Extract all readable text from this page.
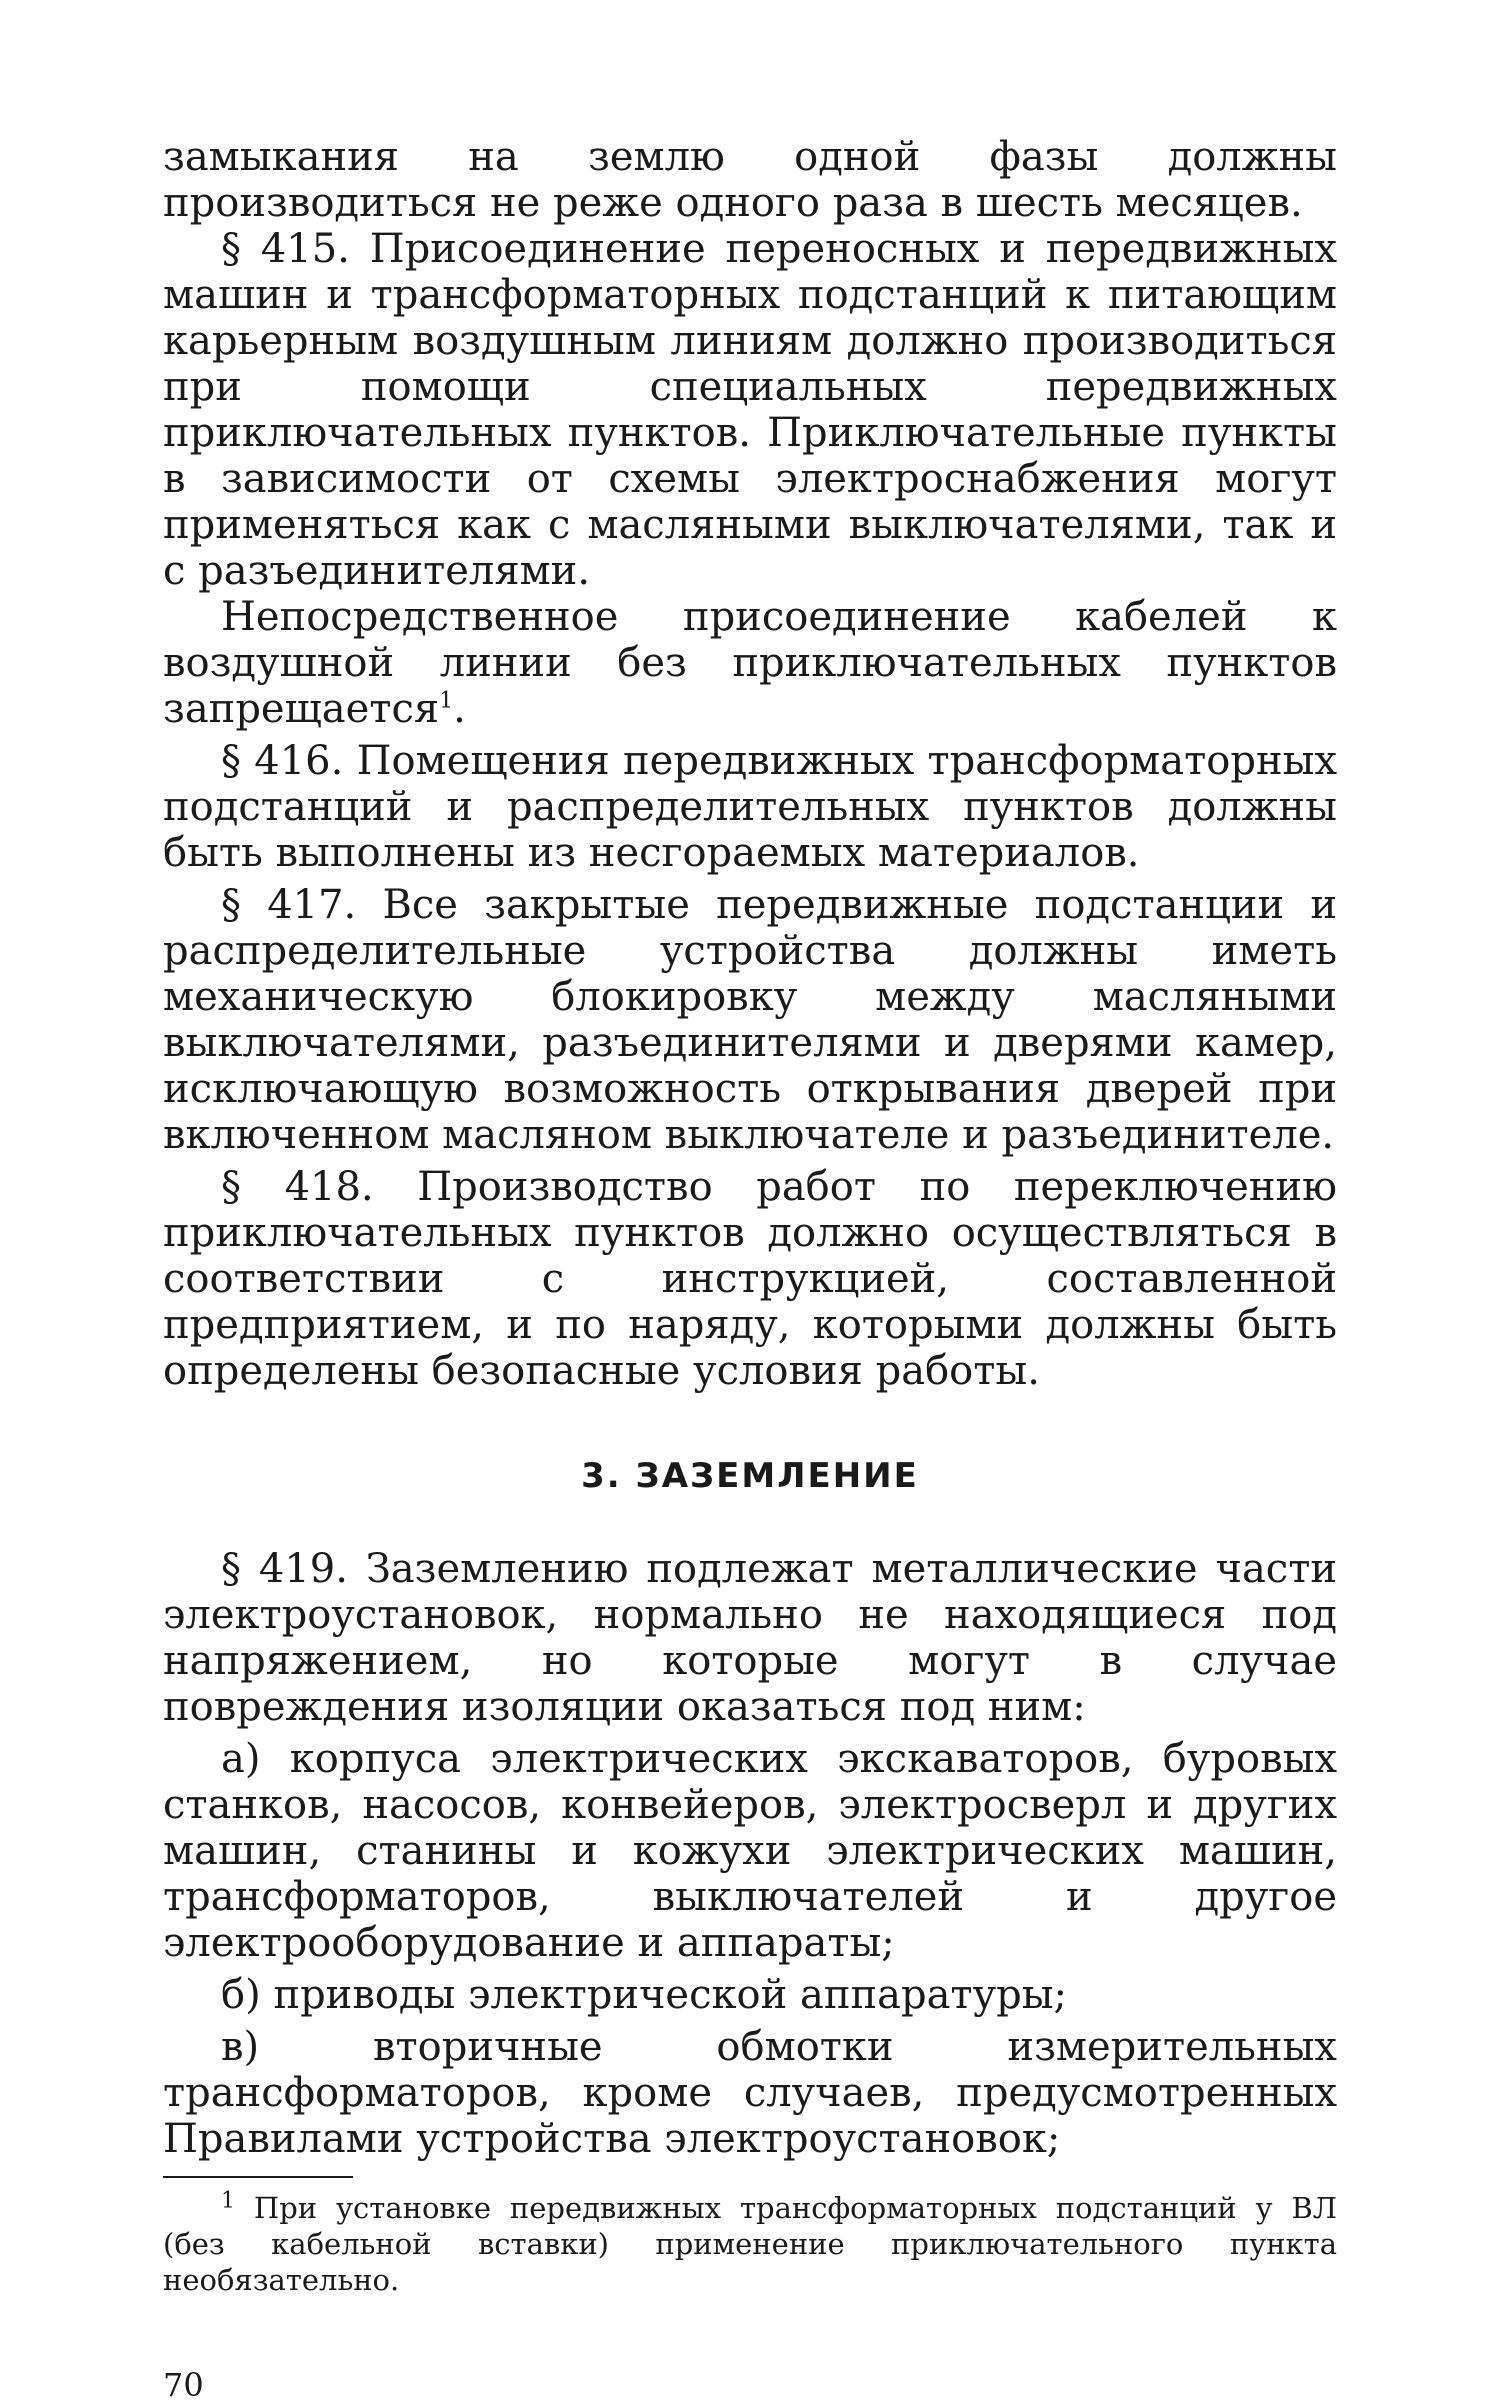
замыкания на землю одной фазы должны производиться не реже одного раза в шесть месяцев.

§ 415. Присоединение переносных и передвижных машин и трансформаторных подстанций к питающим карьерным воздушным линиям должно производиться при помощи специальных передвижных приключательных пунктов. Приключательные пункты в зависимости от схемы электроснабжения могут применяться как с масляными выключателями, так и с разъединителями.

Непосредственное присоединение кабелей к воздушной линии без приключательных пунктов запрещается$^1$.

§ 416. Помещения передвижных трансформаторных подстанций и распределительных пунктов должны быть выполнены из несгораемых материалов.

§ 417. Все закрытые передвижные подстанции и распределительные устройства должны иметь механическую блокировку между масляными выключателями, разъединителями и дверями камер, исключающую возможность открывания дверей при включенном масляном выключателе и разъединителе.

§ 418. Производство работ по переключению приключательных пунктов должно осуществляться в соответствии с инструкцией, составленной предприятием, и по наряду, которыми должны быть определены безопасные условия работы.

3. ЗАЗЕМЛЕНИЕ

§ 419. Заземлению подлежат металлические части электроустановок, нормально не находящиеся под напряжением, но которые могут в случае повреждения изоляции оказаться под ним:

а) корпуса электрических экскаваторов, буровых станков, насосов, конвейеров, электросверл и других машин, станины и кожухи электрических машин, трансформаторов, выключателей и другое электрооборудование и аппараты;

б) приводы электрической аппаратуры;

в) вторичные обмотки измерительных трансформаторов, кроме случаев, предусмотренных Правилами устройства электроустановок;

$^1$ При установке передвижных трансформаторных подстанций у ВЛ (без кабельной вставки) применение приключательного пункта необязательно.

70
